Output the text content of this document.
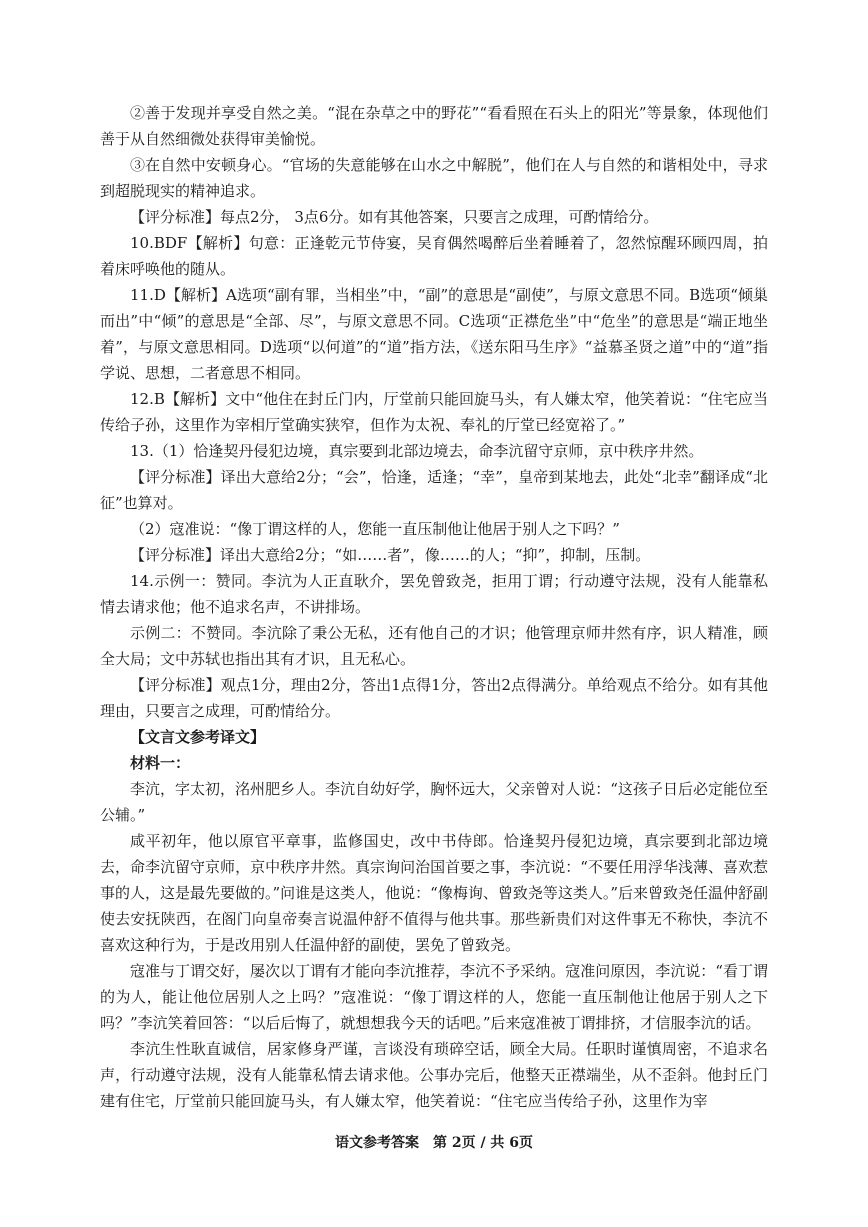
②善于发现并享受自然之美。“混在杂草之中的野花”“看看照在石头上的阳光”等景象，体现他们善于从自然细微处获得审美愉悦。

③在自然中安顿身心。“官场的失意能够在山水之中解脱”，他们在人与自然的和谐相处中，寻求到超脱现实的精神追求。

【评分标准】每点2分， 3点6分。如有其他答案，只要言之成理，可酌情给分。

10.BDF【解析】句意：正逢乾元节侍宴，吴育偶然喝醉后坐着睡着了，忽然惊醒环顾四周，拍着床呼唤他的随从。

11.D【解析】A选项“副有罪，当相坐”中，“副”的意思是“副使”，与原文意思不同。B选项“倾巢而出”中“倾”的意思是“全部、尽”，与原文意思不同。C选项“正襟危坐”中“危坐”的意思是“端正地坐着”，与原文意思相同。D选项“以何道”的“道”指方法，《送东阳马生序》“益慕圣贤之道”中的“道”指学说、思想，二者意思不相同。

12.B【解析】文中“他住在封丘门内，厅堂前只能回旋马头，有人嫌太窄，他笑着说：“住宅应当传给子孙，这里作为宰相厅堂确实狭窄，但作为太祝、奉礼的厅堂已经宽裕了。”

13.（1）恰逢契丹侵犯边境，真宗要到北部边境去，命李沆留守京师，京中秩序井然。

【评分标准】译出大意给2分；“会”，恰逢，适逢；“幸”，皇帝到某地去，此处“北幸”翻译成“北征”也算对。

（2）寇准说：“像丁谓这样的人，您能一直压制他让他居于别人之下吗？”

【评分标准】译出大意给2分；“如……者”，像……的人；“抑”，抑制，压制。

14.示例一：赞同。李沆为人正直耿介，罢免曾致尧，拒用丁谓；行动遵守法规，没有人能靠私情去请求他；他不追求名声，不讲排场。

示例二：不赞同。李沆除了秉公无私，还有他自己的才识；他管理京师井然有序，识人精准，顾全大局；文中苏轼也指出其有才识，且无私心。

【评分标准】观点1分，理由2分，答出1点得1分，答出2点得满分。单给观点不给分。如有其他理由，只要言之成理，可酌情给分。

【文言文参考译文】

材料一：

李沆，字太初，洺州肥乡人。李沆自幼好学，胸怀远大，父亲曾对人说：“这孩子日后必定能位至公辅。”

咸平初年，他以原官平章事，监修国史，改中书侍郎。恰逢契丹侵犯边境，真宗要到北部边境去，命李沆留守京师，京中秩序井然。真宗询问治国首要之事，李沆说：“不要任用浮华浅薄、喜欢惹事的人，这是最先要做的。”问谁是这类人，他说：“像梅询、曾致尧等这类人。”后来曾致尧任温仲舒副使去安抚陕西，在阁门向皇帝奏言说温仲舒不值得与他共事。那些新贵们对这件事无不称快，李沆不喜欢这种行为，于是改用别人任温仲舒的副使，罢免了曾致尧。

寇准与丁谓交好，屡次以丁谓有才能向李沆推荐，李沆不予采纳。寇准问原因，李沆说：“看丁谓的为人，能让他位居别人之上吗？”寇准说：“像丁谓这样的人，您能一直压制他让他居于别人之下吗？”李沆笑着回答：“以后后悔了，就想想我今天的话吧。”后来寇准被丁谓排挤，才信服李沆的话。

李沆生性耿直诚信，居家修身严谨，言谈没有琐碎空话，顾全大局。任职时谨慎周密，不追求名声，行动遵守法规，没有人能靠私情去请求他。公事办完后，他整天正襟端坐，从不歪斜。他封丘门建有住宅，厅堂前只能回旋马头，有人嫌太窄，他笑着说：“住宅应当传给子孙，这里作为宰

语文参考答案　第 2页 / 共 6页
